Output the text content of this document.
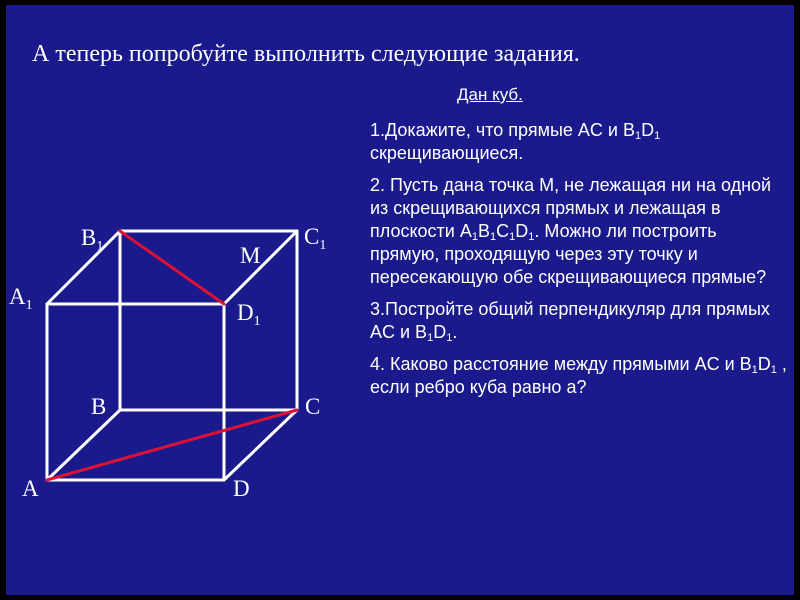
А теперь попробуйте выполнить следующие задания.
Дан куб.
1.Докажите, что прямые AC и $B_1D_1$ скрещивающиеся.
2. Пусть дана точка M, не лежащая ни на одной из скрещивающихся прямых и лежащая в плоскости $A_1B_1C_1D_1$. Можно ли построить прямую, проходящую через эту точку и пересекающую обе скрещивающиеся прямые?
3.Постройте общий перпендикуляр для прямых AC и $B_1D_1$.
4. Каково расстояние между прямыми AC и $B_1D_1$ , если ребро куба равно a?
$A_1$
$B_1$	$C_1$
$D_1$
M
A
B	C
D
